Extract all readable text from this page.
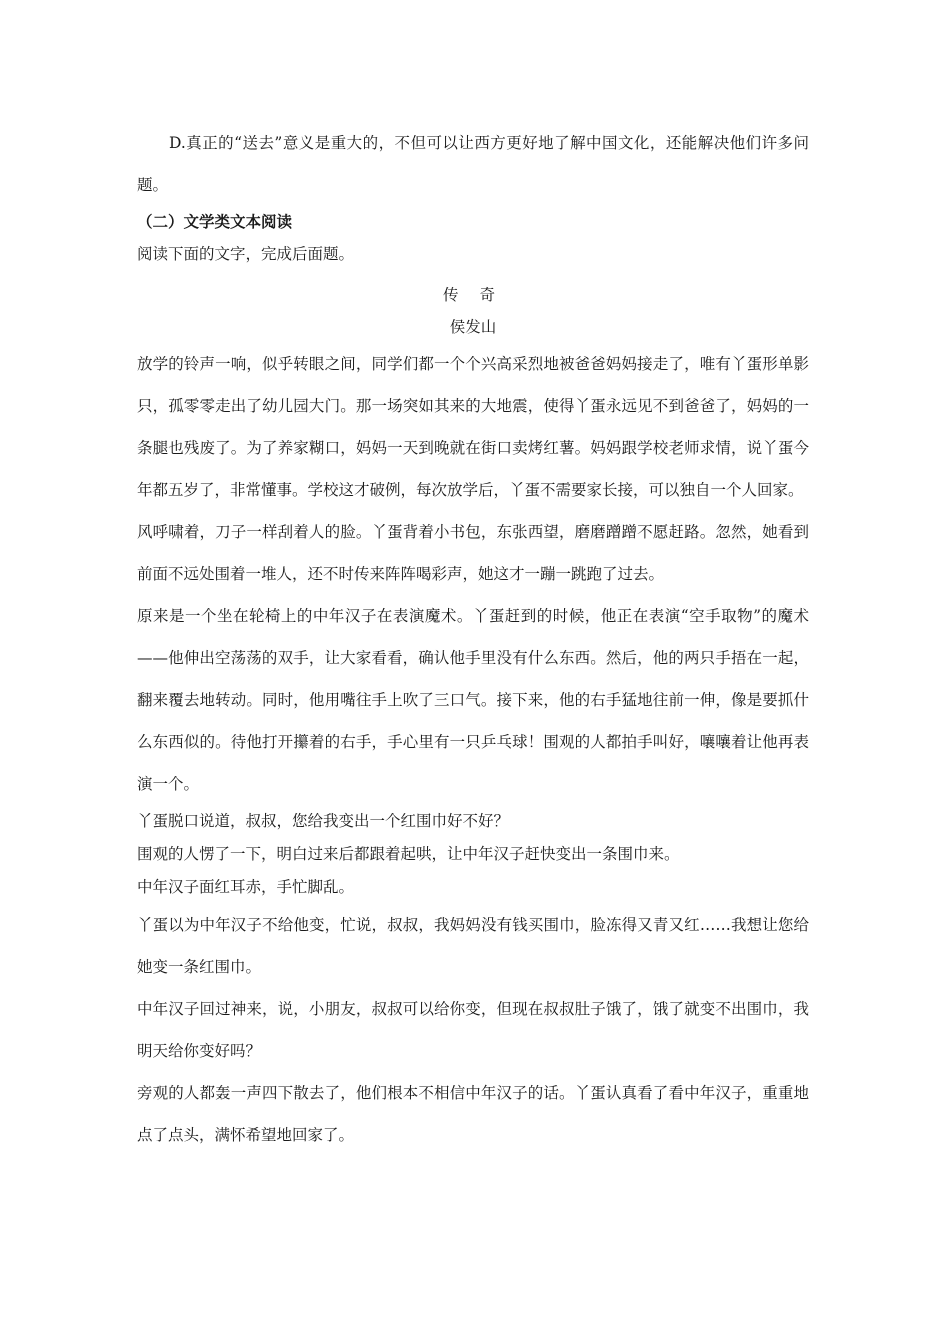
D.真正的“送去”意义是重大的，不但可以让西方更好地了解中国文化，还能解决他们许多问题。

（二）文学类文本阅读

阅读下面的文字，完成后面题。

传 奇

侯发山

放学的铃声一响，似乎转眼之间，同学们都一个个兴高采烈地被爸爸妈妈接走了，唯有丫蛋形单影只，孤零零走出了幼儿园大门。那一场突如其来的大地震，使得丫蛋永远见不到爸爸了，妈妈的一条腿也残废了。为了养家糊口，妈妈一天到晚就在街口卖烤红薯。妈妈跟学校老师求情，说丫蛋今年都五岁了，非常懂事。学校这才破例，每次放学后，丫蛋不需要家长接，可以独自一个人回家。

风呼啸着，刀子一样刮着人的脸。丫蛋背着小书包，东张西望，磨磨蹭蹭不愿赶路。忽然，她看到前面不远处围着一堆人，还不时传来阵阵喝彩声，她这才一蹦一跳跑了过去。

原来是一个坐在轮椅上的中年汉子在表演魔术。丫蛋赶到的时候，他正在表演“空手取物”的魔术——他伸出空荡荡的双手，让大家看看，确认他手里没有什么东西。然后，他的两只手捂在一起，翻来覆去地转动。同时，他用嘴往手上吹了三口气。接下来，他的右手猛地往前一伸，像是要抓什么东西似的。待他打开攥着的右手，手心里有一只乒乓球！围观的人都拍手叫好，嚷嚷着让他再表演一个。

丫蛋脱口说道，叔叔，您给我变出一个红围巾好不好？

围观的人愣了一下，明白过来后都跟着起哄，让中年汉子赶快变出一条围巾来。

中年汉子面红耳赤，手忙脚乱。

丫蛋以为中年汉子不给他变，忙说，叔叔，我妈妈没有钱买围巾，脸冻得又青又红……我想让您给她变一条红围巾。

中年汉子回过神来，说，小朋友，叔叔可以给你变，但现在叔叔肚子饿了，饿了就变不出围巾，我明天给你变好吗？

旁观的人都轰一声四下散去了，他们根本不相信中年汉子的话。丫蛋认真看了看中年汉子，重重地点了点头，满怀希望地回家了。
